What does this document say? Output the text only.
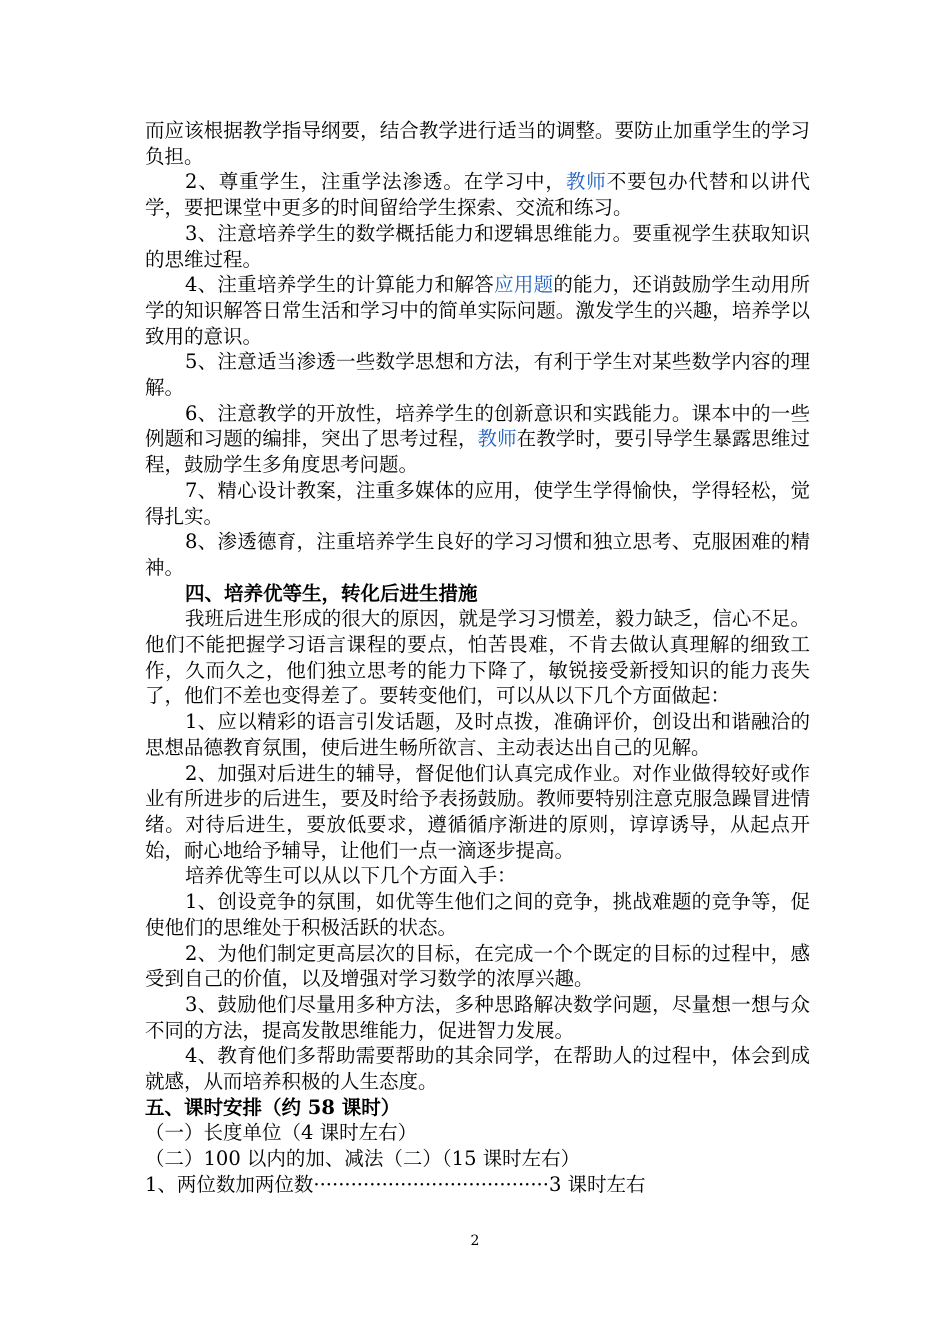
而应该根据教学指导纲要，结合教学进行适当的调整。要防止加重学生的学习负担。

2、尊重学生，注重学法渗透。在学习中，教师不要包办代替和以讲代学，要把课堂中更多的时间留给学生探索、交流和练习。

3、注意培养学生的数学概括能力和逻辑思维能力。要重视学生获取知识的思维过程。

4、注重培养学生的计算能力和解答应用题的能力，还诮鼓励学生动用所学的知识解答日常生活和学习中的简单实际问题。激发学生的兴趣，培养学以致用的意识。

5、注意适当渗透一些数学思想和方法，有利于学生对某些数学内容的理解。

6、注意教学的开放性，培养学生的创新意识和实践能力。课本中的一些例题和习题的编排，突出了思考过程，教师在教学时，要引导学生暴露思维过程，鼓励学生多角度思考问题。

7、精心设计教案，注重多媒体的应用，使学生学得愉快，学得轻松，觉得扎实。

8、渗透德育，注重培养学生良好的学习习惯和独立思考、克服困难的精神。

四、培养优等生，转化后进生措施

我班后进生形成的很大的原因，就是学习习惯差，毅力缺乏，信心不足。他们不能把握学习语言课程的要点，怕苦畏难，不肯去做认真理解的细致工作，久而久之，他们独立思考的能力下降了，敏锐接受新授知识的能力丧失了，他们不差也变得差了。要转变他们，可以从以下几个方面做起：

1、应以精彩的语言引发话题，及时点拨，准确评价，创设出和谐融洽的思想品德教育氛围，使后进生畅所欲言、主动表达出自己的见解。

2、加强对后进生的辅导，督促他们认真完成作业。对作业做得较好或作业有所进步的后进生，要及时给予表扬鼓励。教师要特别注意克服急躁冒进情绪。对待后进生，要放低要求，遵循循序渐进的原则，谆谆诱导，从起点开始，耐心地给予辅导，让他们一点一滴逐步提高。

培养优等生可以从以下几个方面入手：

1、创设竞争的氛围，如优等生他们之间的竞争，挑战难题的竞争等，促使他们的思维处于积极活跃的状态。

2、为他们制定更高层次的目标，在完成一个个既定的目标的过程中，感受到自己的价值，以及增强对学习数学的浓厚兴趣。

3、鼓励他们尽量用多种方法，多种思路解决数学问题，尽量想一想与众不同的方法，提高发散思维能力，促进智力发展。

4、教育他们多帮助需要帮助的其余同学，在帮助人的过程中，体会到成就感，从而培养积极的人生态度。

五、课时安排（约 58 课时）

（一）长度单位（4 课时左右）

（二）100 以内的加、减法（二）（15 课时左右）

1、两位数加两位数······································3 课时左右

2
